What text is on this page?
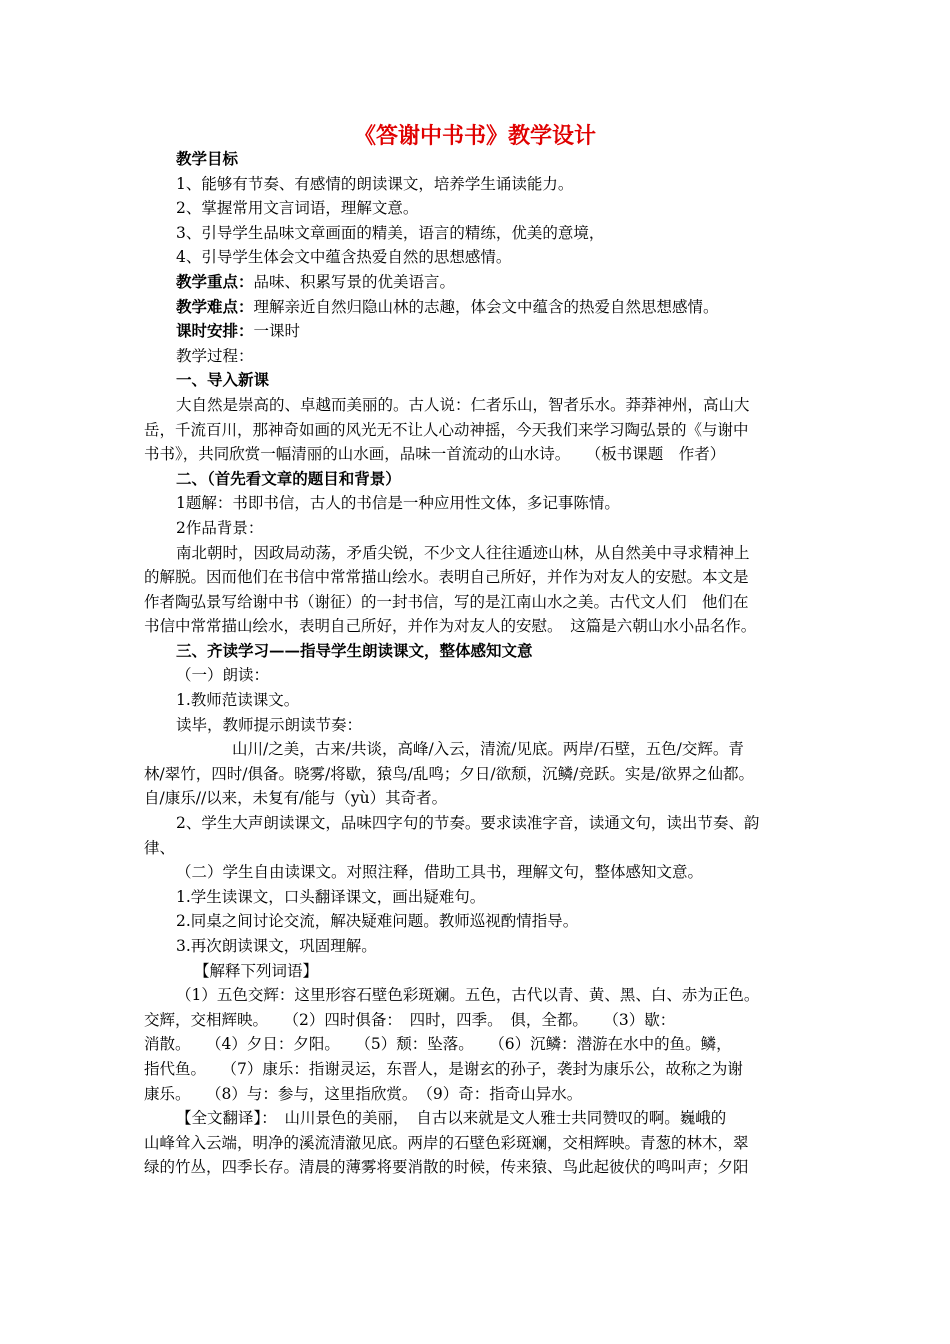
《答谢中书书》教学设计
教学目标
1、能够有节奏、有感情的朗读课文，培养学生诵读能力。
2、掌握常用文言词语，理解文意。
3、引导学生品味文章画面的精美，语言的精练，优美的意境，
4、引导学生体会文中蕴含热爱自然的思想感情。
教学重点：品味、积累写景的优美语言。
教学难点：理解亲近自然归隐山林的志趣，体会文中蕴含的热爱自然思想感情。
课时安排：一课时
教学过程：
一、导入新课
大自然是崇高的、卓越而美丽的。古人说：仁者乐山，智者乐水。莽莽神州，高山大
岳，千流百川，那神奇如画的风光无不让人心动神摇，今天我们来学习陶弘景的《与谢中
书书》，共同欣赏一幅清丽的山水画，品味一首流动的山水诗。　　（板书课题　作者）
二、（首先看文章的题目和背景）
1题解：书即书信，古人的书信是一种应用性文体，多记事陈情。
2作品背景：
南北朝时，因政局动荡，矛盾尖锐，不少文人往往遁迹山林，从自然美中寻求精神上
的解脱。因而他们在书信中常常描山绘水。表明自己所好，并作为对友人的安慰。本文是
作者陶弘景写给谢中书（谢征）的一封书信，写的是江南山水之美。古代文人们　他们在
书信中常常描山绘水，表明自己所好，并作为对友人的安慰。　这篇是六朝山水小品名作。
三、齐读学习——指导学生朗读课文，整体感知文意
（一）朗读：
1.教师范读课文。
读毕，教师提示朗读节奏：
山川/之美，古来/共谈，高峰/入云，清流/见底。两岸/石壁，五色/交辉。青
林/翠竹，四时/俱备。晓雾/将歇，猿鸟/乱鸣；夕日/欲颓，沉鳞/竞跃。实是/欲界之仙都。
自/康乐//以来，未复有/能与（yù）其奇者。
2、学生大声朗读课文，品味四字句的节奏。要求读准字音，读通文句，读出节奏、韵
律、
（二）学生自由读课文。对照注释，借助工具书，理解文句，整体感知文意。
1.学生读课文，口头翻译课文，画出疑难句。
2.同桌之间讨论交流，解决疑难问题。教师巡视酌情指导。
3.再次朗读课文，巩固理解。
【解释下列词语】
（1）五色交辉：这里形容石壁色彩斑斓。五色，古代以青、黄、黑、白、赤为正色。
交辉，交相辉映。　　（2）四时俱备：　四时，四季。　俱，全都。　　（3）歇：
消散。　　（4）夕日：夕阳。　　（5）颓：坠落。　　（6）沉鳞：潜游在水中的鱼。鳞，
指代鱼。　　（7）康乐：指谢灵运，东晋人，是谢玄的孙子，袭封为康乐公，故称之为谢
康乐。　　（8）与：参与，这里指欣赏。　（9）奇：指奇山异水。
【全文翻译】：　山川景色的美丽，　自古以来就是文人雅士共同赞叹的啊。巍峨的
山峰耸入云端，明净的溪流清澈见底。两岸的石壁色彩斑斓，交相辉映。青葱的林木，翠
绿的竹丛，四季长存。清晨的薄雾将要消散的时候，传来猿、鸟此起彼伏的鸣叫声；夕阳
